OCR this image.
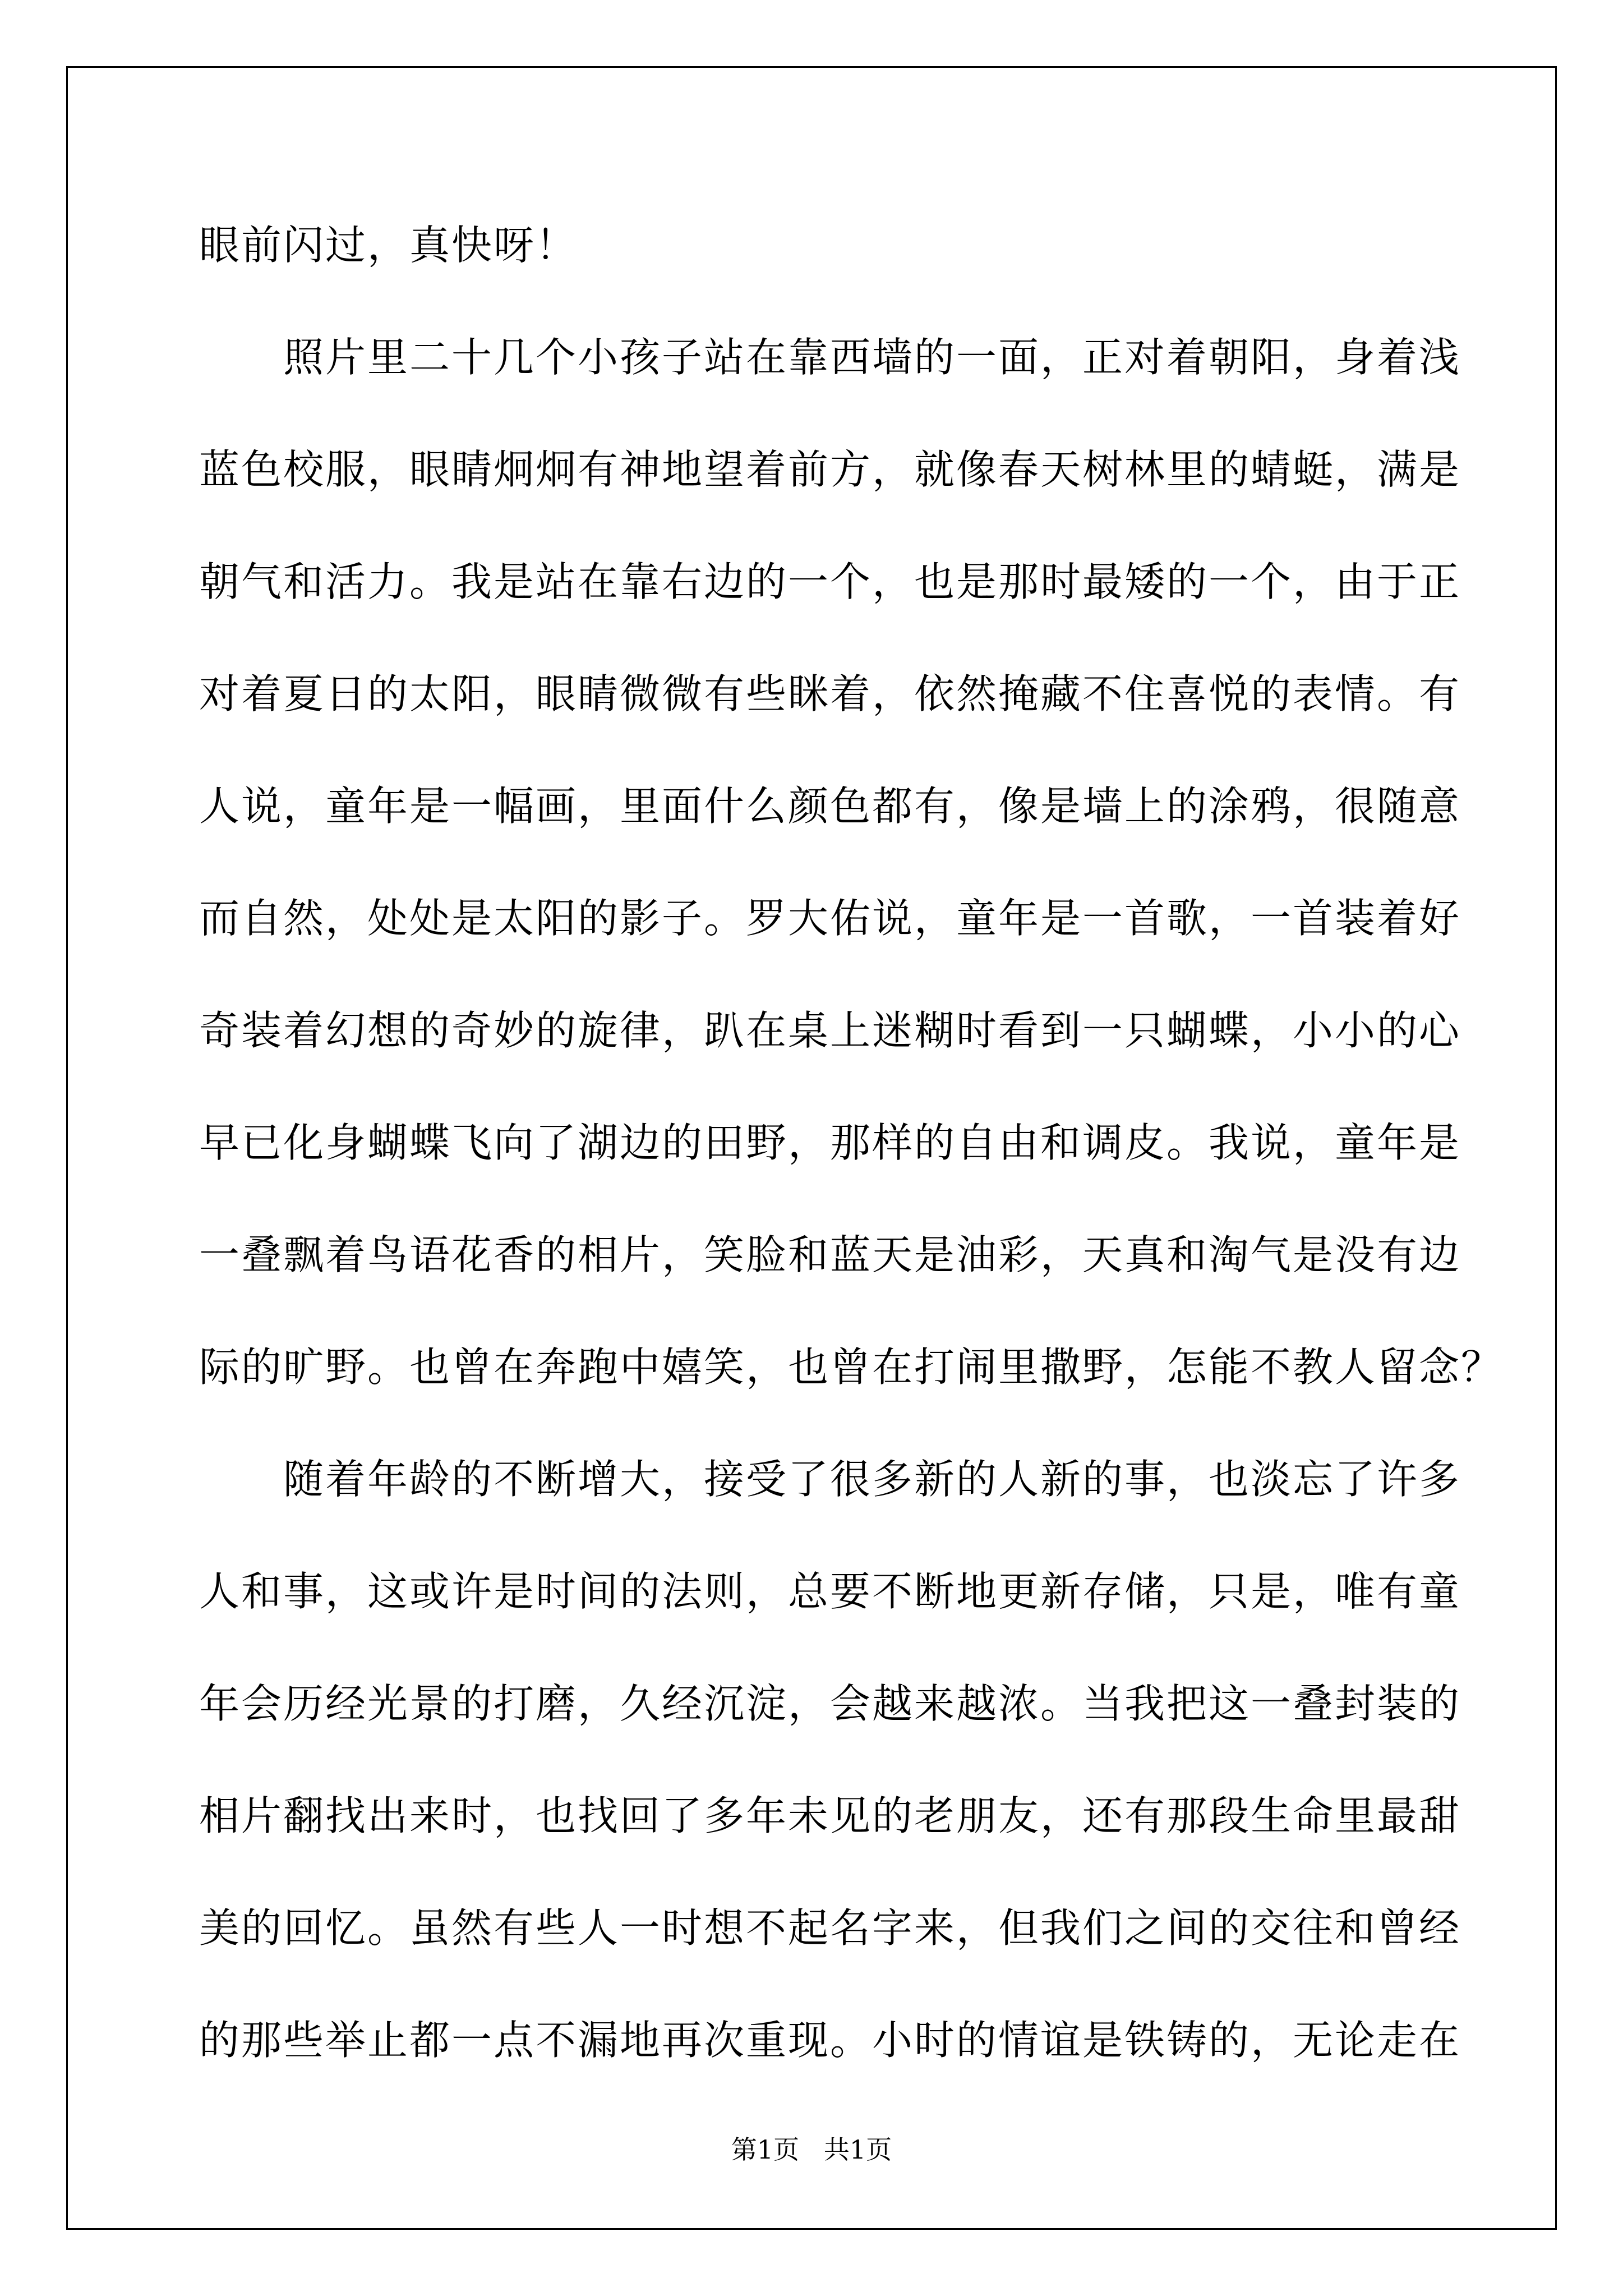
眼前闪过，真快呀！
照片里二十几个小孩子站在靠西墙的一面，正对着朝阳，身着浅
蓝色校服，眼睛炯炯有神地望着前方，就像春天树林里的蜻蜓，满是
朝气和活力。我是站在靠右边的一个，也是那时最矮的一个，由于正
对着夏日的太阳，眼睛微微有些眯着，依然掩藏不住喜悦的表情。有
人说，童年是一幅画，里面什么颜色都有，像是墙上的涂鸦，很随意
而自然，处处是太阳的影子。罗大佑说，童年是一首歌，一首装着好
奇装着幻想的奇妙的旋律，趴在桌上迷糊时看到一只蝴蝶，小小的心
早已化身蝴蝶飞向了湖边的田野，那样的自由和调皮。我说，童年是
一叠飘着鸟语花香的相片，笑脸和蓝天是油彩，天真和淘气是没有边
际的旷野。也曾在奔跑中嬉笑，也曾在打闹里撒野，怎能不教人留念？
随着年龄的不断增大，接受了很多新的人新的事，也淡忘了许多
人和事，这或许是时间的法则，总要不断地更新存储，只是，唯有童
年会历经光景的打磨，久经沉淀，会越来越浓。当我把这一叠封装的
相片翻找出来时，也找回了多年未见的老朋友，还有那段生命里最甜
美的回忆。虽然有些人一时想不起名字来，但我们之间的交往和曾经
的那些举止都一点不漏地再次重现。小时的情谊是铁铸的，无论走在
第1页   共1页
